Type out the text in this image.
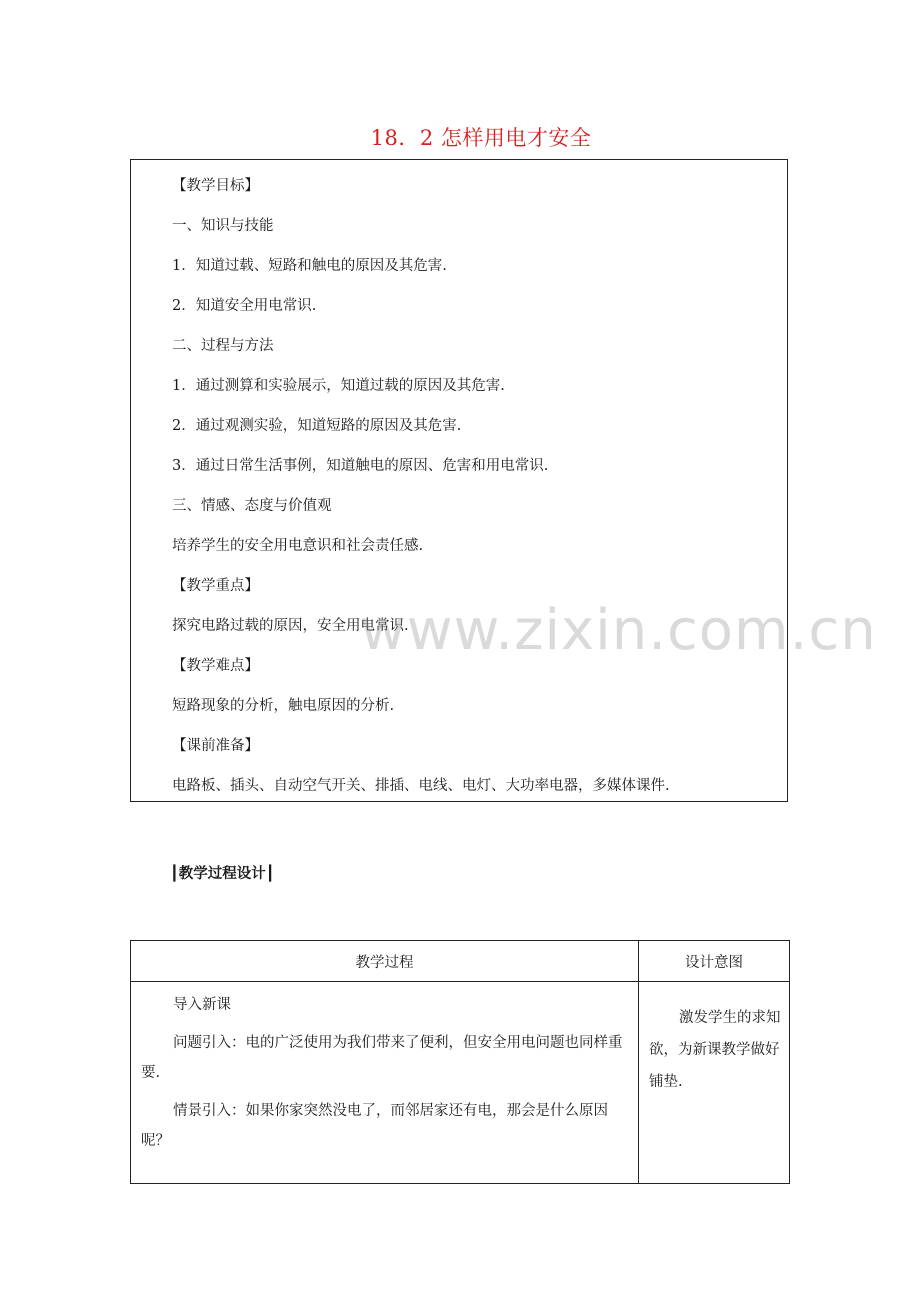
18．2 怎样用电才安全
【教学目标】
一、知识与技能
1．知道过载、短路和触电的原因及其危害.
2．知道安全用电常识.
二、过程与方法
1．通过测算和实验展示，知道过载的原因及其危害.
2．通过观测实验，知道短路的原因及其危害.
3．通过日常生活事例，知道触电的原因、危害和用电常识.
三、情感、态度与价值观
培养学生的安全用电意识和社会责任感.
【教学重点】
探究电路过载的原因，安全用电常识.
【教学难点】
短路现象的分析，触电原因的分析.
【课前准备】
电路板、插头、自动空气开关、排插、电线、电灯、大功率电器，多媒体课件.
www.zixin.com.cn
┃教学过程设计┃
教学过程	设计意图

导入新课

问题引入：电的广泛使用为我们带来了便利，但安全用电问题也同样重要.

情景引入：如果你家突然没电了，而邻居家还有电，那会是什么原因呢？	激发学生的求知欲，为新课教学做好铺垫.
